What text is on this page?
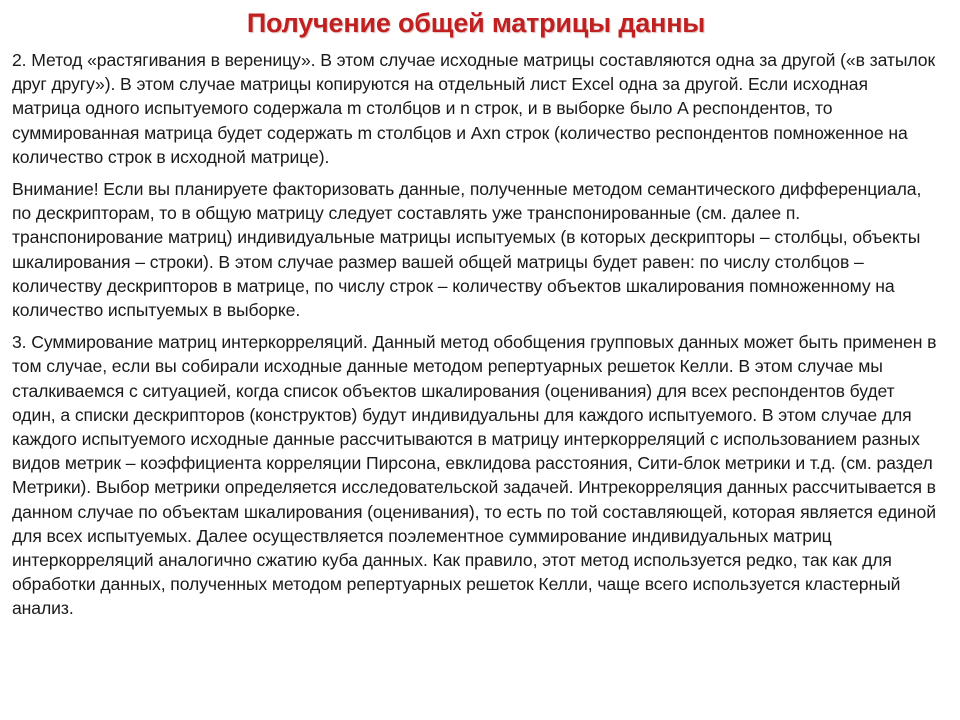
Получение общей матрицы данны

2. Метод «растягивания в вереницу». В этом случае исходные матрицы составляются одна за другой («в затылок друг другу»). В этом случае матрицы копируются на отдельный лист Excel одна за другой. Если исходная матрица одного испытуемого содержала m столбцов и n строк, и в выборке было A респондентов, то суммированная матрица будет содержать m столбцов и Axn строк (количество респондентов помноженное на количество строк в исходной матрице).

Внимание! Если вы планируете факторизовать данные, полученные методом семантического дифференциала, по дескрипторам, то в общую матрицу следует составлять уже транспонированные (см. далее п. транспонирование матриц) индивидуальные матрицы испытуемых (в которых дескрипторы – столбцы, объекты шкалирования – строки). В этом случае размер вашей общей матрицы будет равен: по числу столбцов – количеству дескрипторов в матрице, по числу строк – количеству объектов шкалирования помноженному на количество испытуемых в выборке.

3. Суммирование матриц интеркорреляций. Данный метод обобщения групповых данных может быть применен в том случае, если вы собирали исходные данные методом репертуарных решеток Келли. В этом случае мы сталкиваемся с ситуацией, когда список объектов шкалирования (оценивания) для всех респондентов будет один, а списки дескрипторов (конструктов) будут индивидуальны для каждого испытуемого. В этом случае для каждого испытуемого исходные данные рассчитываются в матрицу интеркорреляций с использованием разных видов метрик – коэффициента корреляции Пирсона, евклидова расстояния, Сити-блок метрики и т.д. (см. раздел Метрики). Выбор метрики определяется исследовательской задачей. Интрекорреляция данных рассчитывается в данном случае по объектам шкалирования (оценивания), то есть по той составляющей, которая является единой для всех испытуемых. Далее осуществляется поэлементное суммирование индивидуальных матриц интеркорреляций аналогично сжатию куба данных. Как правило, этот метод используется редко, так как для обработки данных, полученных методом репертуарных решеток Келли, чаще всего используется кластерный анализ.
